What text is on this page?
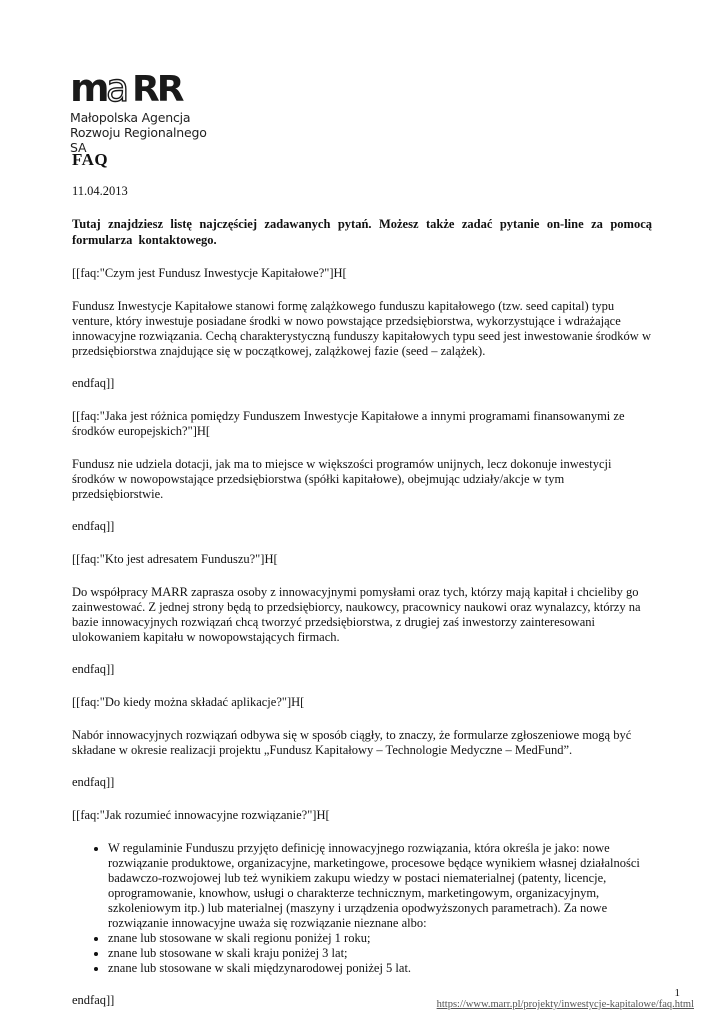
m
a RR
Małopolska Agencja
Rozwoju Regionalnego SA
FAQ
11.04.2013
Tutaj znajdziesz listę najczęściej zadawanych pytań. Możesz także zadać pytanie on-line za pomocą formularza kontaktowego.

[[faq:"Czym jest Fundusz Inwestycje Kapitałowe?"]H[

Fundusz Inwestycje Kapitałowe stanowi formę zalążkowego funduszu kapitałowego (tzw. seed capital) typu venture, który inwestuje posiadane środki w nowo powstające przedsiębiorstwa, wykorzystujące i wdrażające innowacyjne rozwiązania. Cechą charakterystyczną funduszy kapitałowych typu seed jest inwestowanie środków w przedsiębiorstwa znajdujące się w początkowej, zalążkowej fazie (seed – zalążek).

endfaq]]

[[faq:"Jaka jest różnica pomiędzy Funduszem Inwestycje Kapitałowe a innymi programami finansowanymi ze środków europejskich?"]H[

Fundusz nie udziela dotacji, jak ma to miejsce w większości programów unijnych, lecz dokonuje inwestycji środków w nowopowstające przedsiębiorstwa (spółki kapitałowe), obejmując udziały/akcje w tym przedsiębiorstwie.

endfaq]]

[[faq:"Kto jest adresatem Funduszu?"]H[

Do współpracy MARR zaprasza osoby z innowacyjnymi pomysłami oraz tych, którzy mają kapitał i chcieliby go zainwestować. Z jednej strony będą to przedsiębiorcy, naukowcy, pracownicy naukowi oraz wynalazcy, którzy na bazie innowacyjnych rozwiązań chcą tworzyć przedsiębiorstwa, z drugiej zaś inwestorzy zainteresowani ulokowaniem kapitału w nowopowstających firmach.

endfaq]]

[[faq:"Do kiedy można składać aplikacje?"]H[

Nabór innowacyjnych rozwiązań odbywa się w sposób ciągły, to znaczy, że formularze zgłoszeniowe mogą być składane w okresie realizacji projektu „Fundusz Kapitałowy – Technologie Medyczne – MedFund”.

endfaq]]

[[faq:"Jak rozumieć innowacyjne rozwiązanie?"]H[

• W regulaminie Funduszu przyjęto definicję innowacyjnego rozwiązania, która określa je jako: nowe rozwiązanie produktowe, organizacyjne, marketingowe, procesowe będące wynikiem własnej działalności badawczo-rozwojowej lub też wynikiem zakupu wiedzy w postaci niematerialnej (patenty, licencje, oprogramowanie, knowhow, usługi o charakterze technicznym, marketingowym, organizacyjnym, szkoleniowym itp.) lub materialnej (maszyny i urządzenia opodwyższonych parametrach). Za nowe rozwiązanie innowacyjne uważa się rozwiązanie nieznane albo:
• znane lub stosowane w skali regionu poniżej 1 roku;
• znane lub stosowane w skali kraju poniżej 3 lat;
• znane lub stosowane w skali międzynarodowej poniżej 5 lat.

endfaq]]	1
https://www.marr.pl/projekty/inwestycje-kapitalowe/faq.html
